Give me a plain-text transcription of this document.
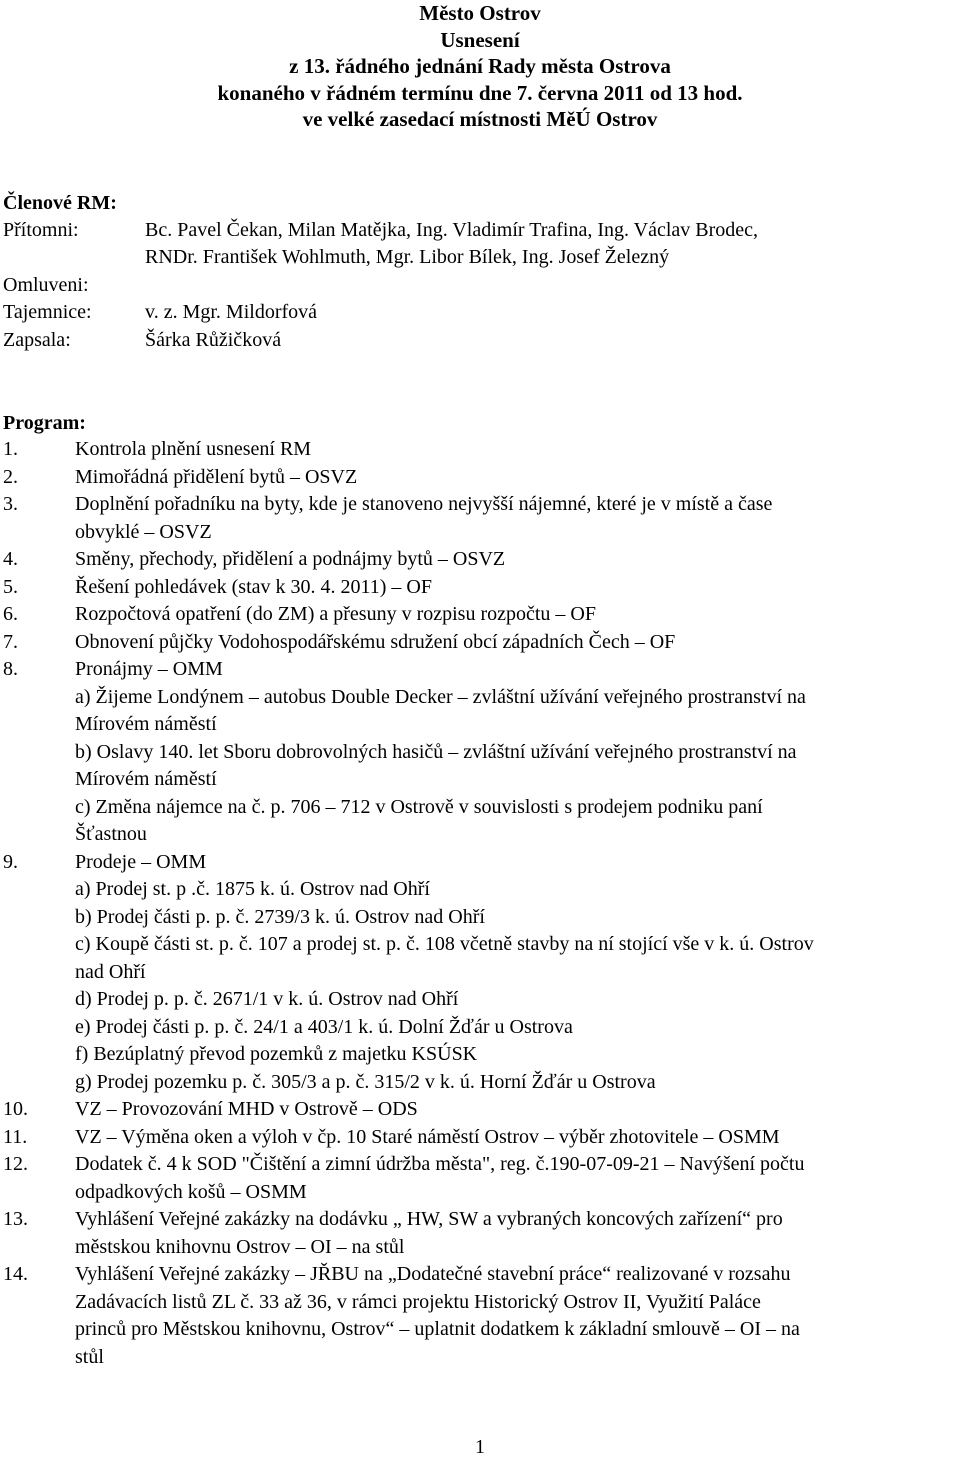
Město Ostrov
Usnesení
z 13. řádného jednání Rady města Ostrova
konaného v řádném termínu dne 7. června 2011 od 13 hod.
ve velké zasedací místnosti MěÚ Ostrov
Členové RM:
Přítomni:	Bc. Pavel Čekan, Milan Matějka, Ing. Vladimír Trafina, Ing. Václav Brodec,
RNDr. František Wohlmuth, Mgr. Libor Bílek, Ing. Josef Železný
Omluveni:
Tajemnice:	v. z. Mgr. Mildorfová
Zapsala:	Šárka Růžičková
Program:
1.	Kontrola plnění usnesení RM
2.	Mimořádná přidělení bytů – OSVZ
3.	Doplnění pořadníku na byty, kde je stanoveno nejvyšší nájemné, které je v místě a čase
obvyklé – OSVZ
4.	Směny, přechody, přidělení a podnájmy bytů – OSVZ
5.	Řešení pohledávek (stav k 30. 4. 2011) – OF
6.	Rozpočtová opatření (do ZM) a přesuny v rozpisu rozpočtu – OF
7.	Obnovení půjčky Vodohospodářskému sdružení obcí západních Čech – OF
8.	Pronájmy – OMM
a) Žijeme Londýnem – autobus Double Decker – zvláštní užívání veřejného prostranství na
Mírovém náměstí
b) Oslavy 140. let Sboru dobrovolných hasičů – zvláštní užívání veřejného prostranství na
Mírovém náměstí
c) Změna nájemce na č. p. 706 – 712 v Ostrově v souvislosti s prodejem podniku paní
Šťastnou
9.	Prodeje – OMM
a) Prodej st. p .č. 1875 k. ú. Ostrov nad Ohří
b) Prodej části p. p. č. 2739/3 k. ú. Ostrov nad Ohří
c) Koupě části st. p. č. 107 a prodej st. p. č. 108 včetně stavby na ní stojící vše v k. ú. Ostrov
nad Ohří
d) Prodej p. p. č. 2671/1 v k. ú. Ostrov nad Ohří
e) Prodej části p. p. č. 24/1 a 403/1 k. ú. Dolní Žďár u Ostrova
f) Bezúplatný převod pozemků z majetku KSÚSK
g) Prodej pozemku p. č. 305/3 a p. č. 315/2 v k. ú. Horní Žďár u Ostrova
10.	VZ – Provozování MHD v Ostrově – ODS
11.	VZ – Výměna oken a výloh v čp. 10 Staré náměstí Ostrov – výběr zhotovitele – OSMM
12.	Dodatek č. 4 k SOD "Čištění a zimní údržba města", reg. č.190-07-09-21 – Navýšení počtu
odpadkových košů – OSMM
13.	Vyhlášení Veřejné zakázky na dodávku „ HW, SW a vybraných koncových zařízení“ pro
městskou knihovnu Ostrov – OI – na stůl
14.	Vyhlášení Veřejné zakázky – JŘBU na „Dodatečné stavební práce“ realizované v rozsahu
Zadávacích listů ZL č. 33 až 36, v rámci projektu Historický Ostrov II, Využití Paláce
princů pro Městskou knihovnu, Ostrov“ – uplatnit dodatkem k základní smlouvě – OI – na
stůl
1
